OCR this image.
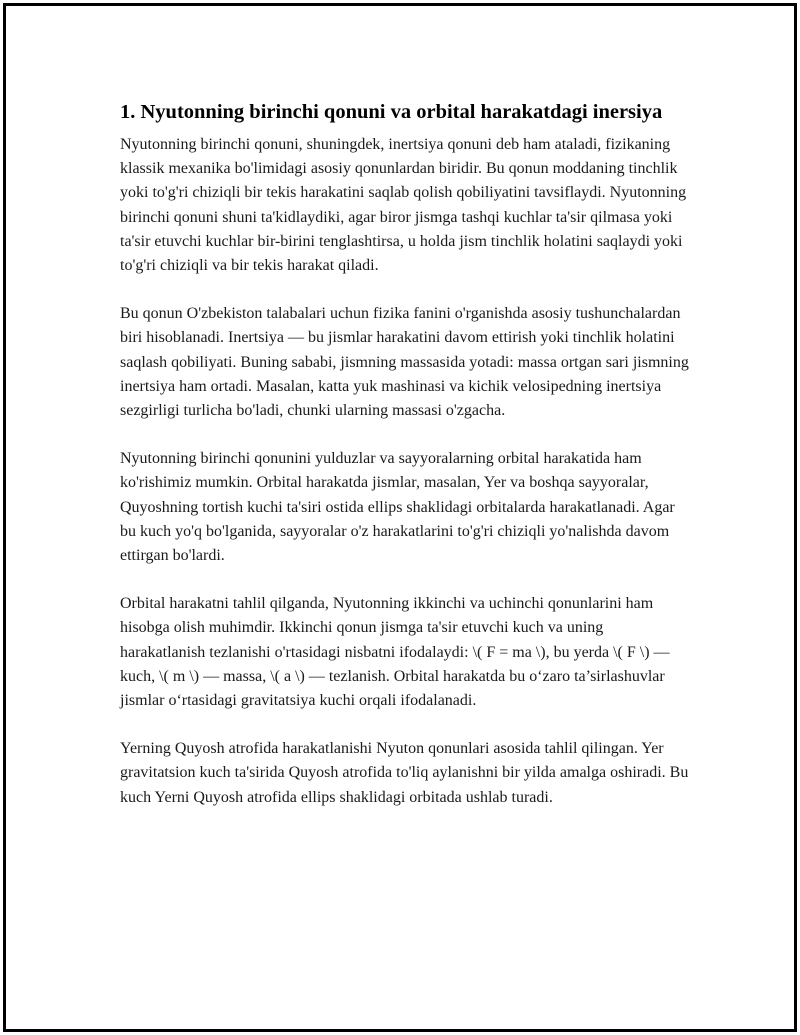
1. Nyutonning birinchi qonuni va orbital harakatdagi inersiya

Nyutonning birinchi qonuni, shuningdek, inertsiya qonuni deb ham ataladi, fizikaning klassik mexanika bo'limidagi asosiy qonunlardan biridir. Bu qonun moddaning tinchlik yoki to'g'ri chiziqli bir tekis harakatini saqlab qolish qobiliyatini tavsiflaydi. Nyutonning birinchi qonuni shuni ta'kidlaydiki, agar biror jismga tashqi kuchlar ta'sir qilmasa yoki ta'sir etuvchi kuchlar bir-birini tenglashtirsa, u holda jism tinchlik holatini saqlaydi yoki to'g'ri chiziqli va bir tekis harakat qiladi.

Bu qonun O'zbekiston talabalari uchun fizika fanini o'rganishda asosiy tushunchalardan biri hisoblanadi. Inertsiya — bu jismlar harakatini davom ettirish yoki tinchlik holatini saqlash qobiliyati. Buning sababi, jismning massasida yotadi: massa ortgan sari jismning inertsiya ham ortadi. Masalan, katta yuk mashinasi va kichik velosipedning inertsiya sezgirligi turlicha bo'ladi, chunki ularning massasi o'zgacha.

Nyutonning birinchi qonunini yulduzlar va sayyoralarning orbital harakatida ham ko'rishimiz mumkin. Orbital harakatda jismlar, masalan, Yer va boshqa sayyoralar, Quyoshning tortish kuchi ta'siri ostida ellips shaklidagi orbitalarda harakatlanadi. Agar bu kuch yo'q bo'lganida, sayyoralar o'z harakatlarini to'g'ri chiziqli yo'nalishda davom ettirgan bo'lardi.

Orbital harakatni tahlil qilganda, Nyutonning ikkinchi va uchinchi qonunlarini ham hisobga olish muhimdir. Ikkinchi qonun jismga ta'sir etuvchi kuch va uning harakatlanish tezlanishi o'rtasidagi nisbatni ifodalaydi: \( F = ma \), bu yerda \( F \) — kuch, \( m \) — massa, \( a \) — tezlanish. Orbital harakatda bu o‘zaro ta’sirlashuvlar jismlar o‘rtasidagi gravitatsiya kuchi orqali ifodalanadi.

Yerning Quyosh atrofida harakatlanishi Nyuton qonunlari asosida tahlil qilingan. Yer gravitatsion kuch ta'sirida Quyosh atrofida to'liq aylanishni bir yilda amalga oshiradi. Bu kuch Yerni Quyosh atrofida ellips shaklidagi orbitada ushlab turadi.
